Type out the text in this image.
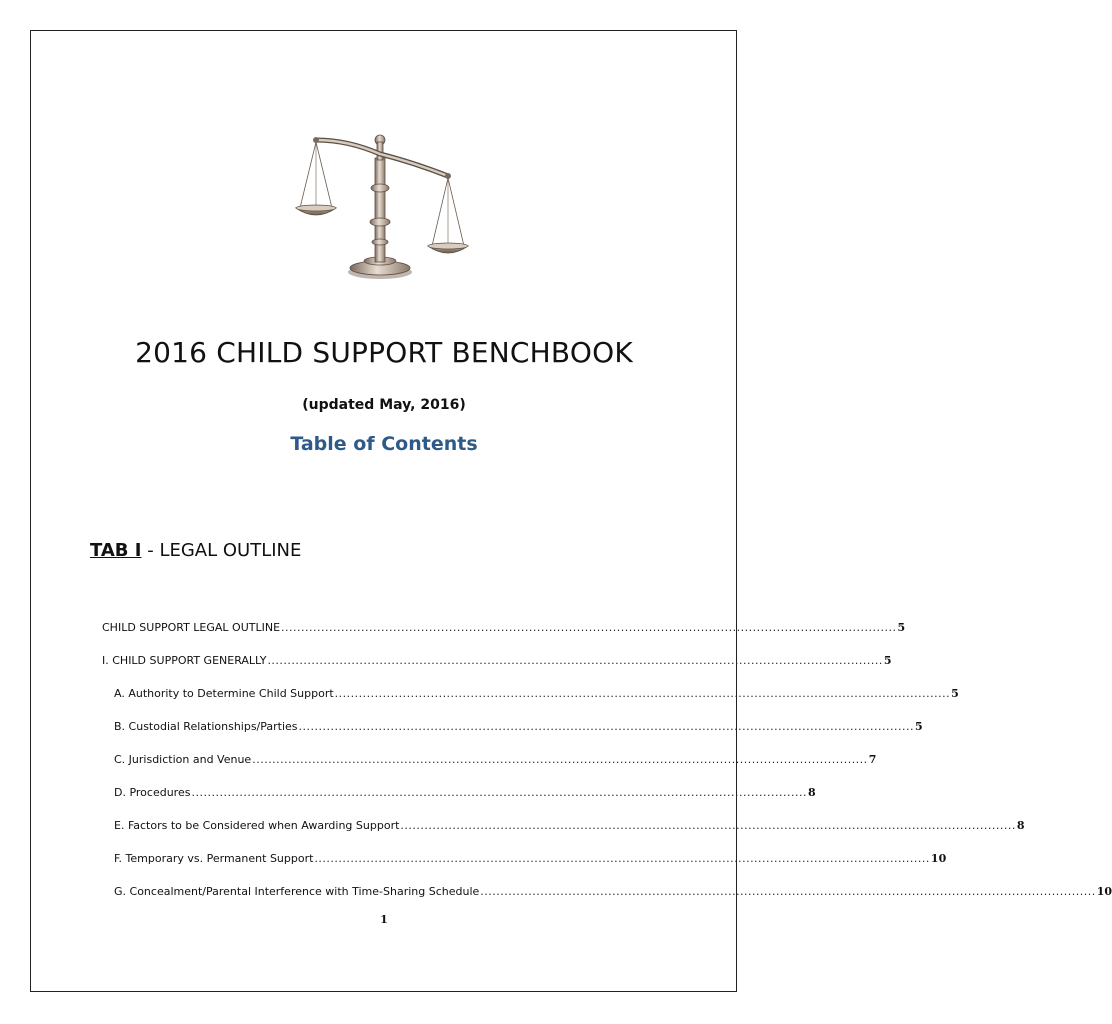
2016 CHILD SUPPORT BENCHBOOK
(updated May, 2016)
Table of Contents
TAB I - LEGAL OUTLINE
CHILD SUPPORT LEGAL OUTLINE .......................................................................................................................................................... 5
I. CHILD SUPPORT GENERALLY .......................................................................................................................................................... 5
A. Authority to Determine Child Support .......................................................................................................................................................... 5
B. Custodial Relationships/Parties .......................................................................................................................................................... 5
C. Jurisdiction and Venue .......................................................................................................................................................... 7
D. Procedures .......................................................................................................................................................... 8
E. Factors to be Considered when Awarding Support .......................................................................................................................................................... 8
F. Temporary vs. Permanent Support .......................................................................................................................................................... 10
G. Concealment/Parental Interference with Time-Sharing Schedule .......................................................................................................................................................... 10
1
